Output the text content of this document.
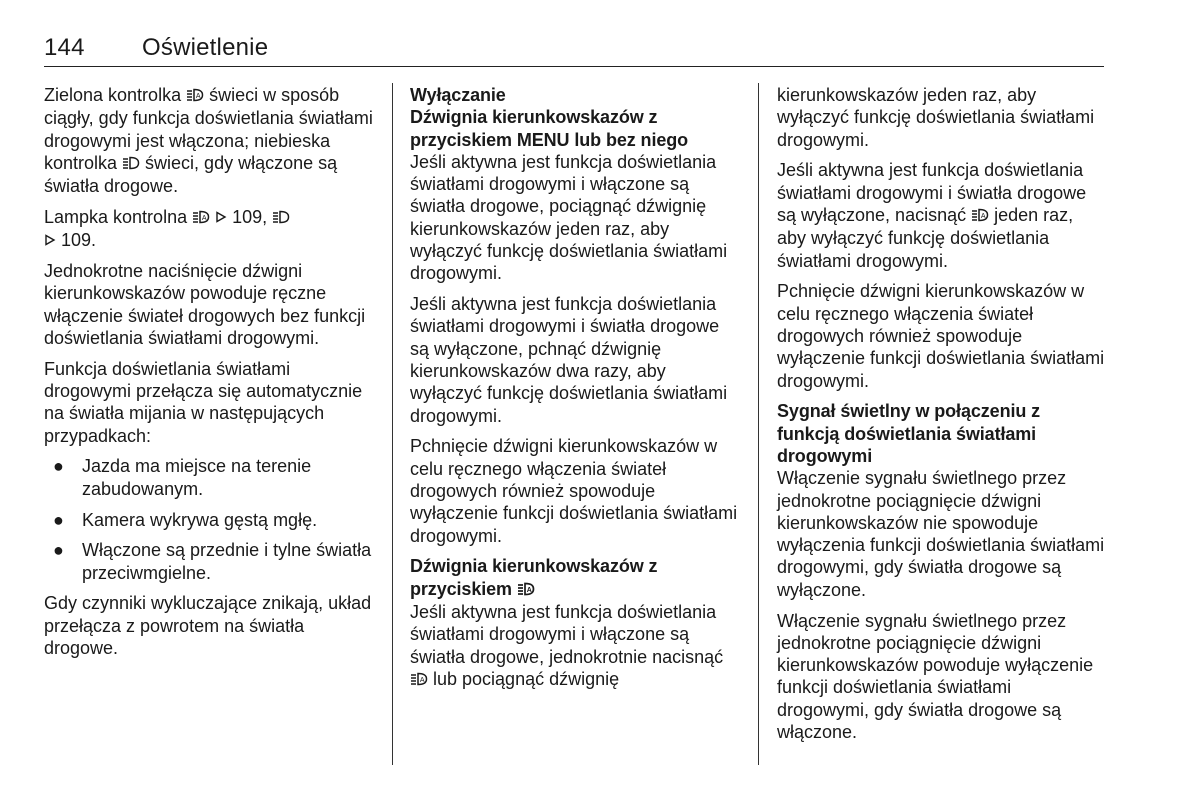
144 Oświetlenie

Zielona kontrolka A świeci w sposób ciągły, gdy funkcja doświetlania światłami drogowymi jest włączona; niebieska kontrolka  świeci, gdy włączone są światła drogowe.

Lampka kontrolna A 109,
109.

Jednokrotne naciśnięcie dźwigni kierunkowskazów powoduje ręczne włączenie świateł drogowych bez funkcji doświetlania światłami drogowymi.

Funkcja doświetlania światłami drogowymi przełącza się automatycznie na światła mijania w następujących przypadkach:

● Jazda ma miejsce na terenie zabudowanym.
● Kamera wykrywa gęstą mgłę.
● Włączone są przednie i tylne światła przeciwmgielne.

Gdy czynniki wykluczające znikają, układ przełącza z powrotem na światła drogowe.

Wyłączanie
Dźwignia kierunkowskazów z przyciskiem MENU lub bez niego

Jeśli aktywna jest funkcja doświetlania światłami drogowymi i włączone są światła drogowe, pociągnąć dźwignię kierunkowskazów jeden raz, aby wyłączyć funkcję doświetlania światłami drogowymi.

Jeśli aktywna jest funkcja doświetlania światłami drogowymi i światła drogowe są wyłączone, pchnąć dźwignię kierunkowskazów dwa razy, aby wyłączyć funkcję doświetlania światłami drogowymi.

Pchnięcie dźwigni kierunkowskazów w celu ręcznego włączenia świateł drogowych również spowoduje wyłączenie funkcji doświetlania światłami drogowymi.

Dźwignia kierunkowskazów z przyciskiem A

Jeśli aktywna jest funkcja doświetlania światłami drogowymi i włączone są światła drogowe, jednokrotnie nacisnąć
A lub pociągnąć dźwignię

kierunkowskazów jeden raz, aby wyłączyć funkcję doświetlania światłami drogowymi.

Jeśli aktywna jest funkcja doświetlania światłami drogowymi i światła drogowe są wyłączone, nacisnąć A jeden raz, aby wyłączyć funkcję doświetlania światłami drogowymi.

Pchnięcie dźwigni kierunkowskazów w celu ręcznego włączenia świateł drogowych również spowoduje wyłączenie funkcji doświetlania światłami drogowymi.

Sygnał świetlny w połączeniu z funkcją doświetlania światłami drogowymi

Włączenie sygnału świetlnego przez jednokrotne pociągnięcie dźwigni kierunkowskazów nie spowoduje wyłączenia funkcji doświetlania światłami drogowymi, gdy światła drogowe są wyłączone.

Włączenie sygnału świetlnego przez jednokrotne pociągnięcie dźwigni kierunkowskazów powoduje wyłączenie funkcji doświetlania światłami drogowymi, gdy światła drogowe są włączone.
